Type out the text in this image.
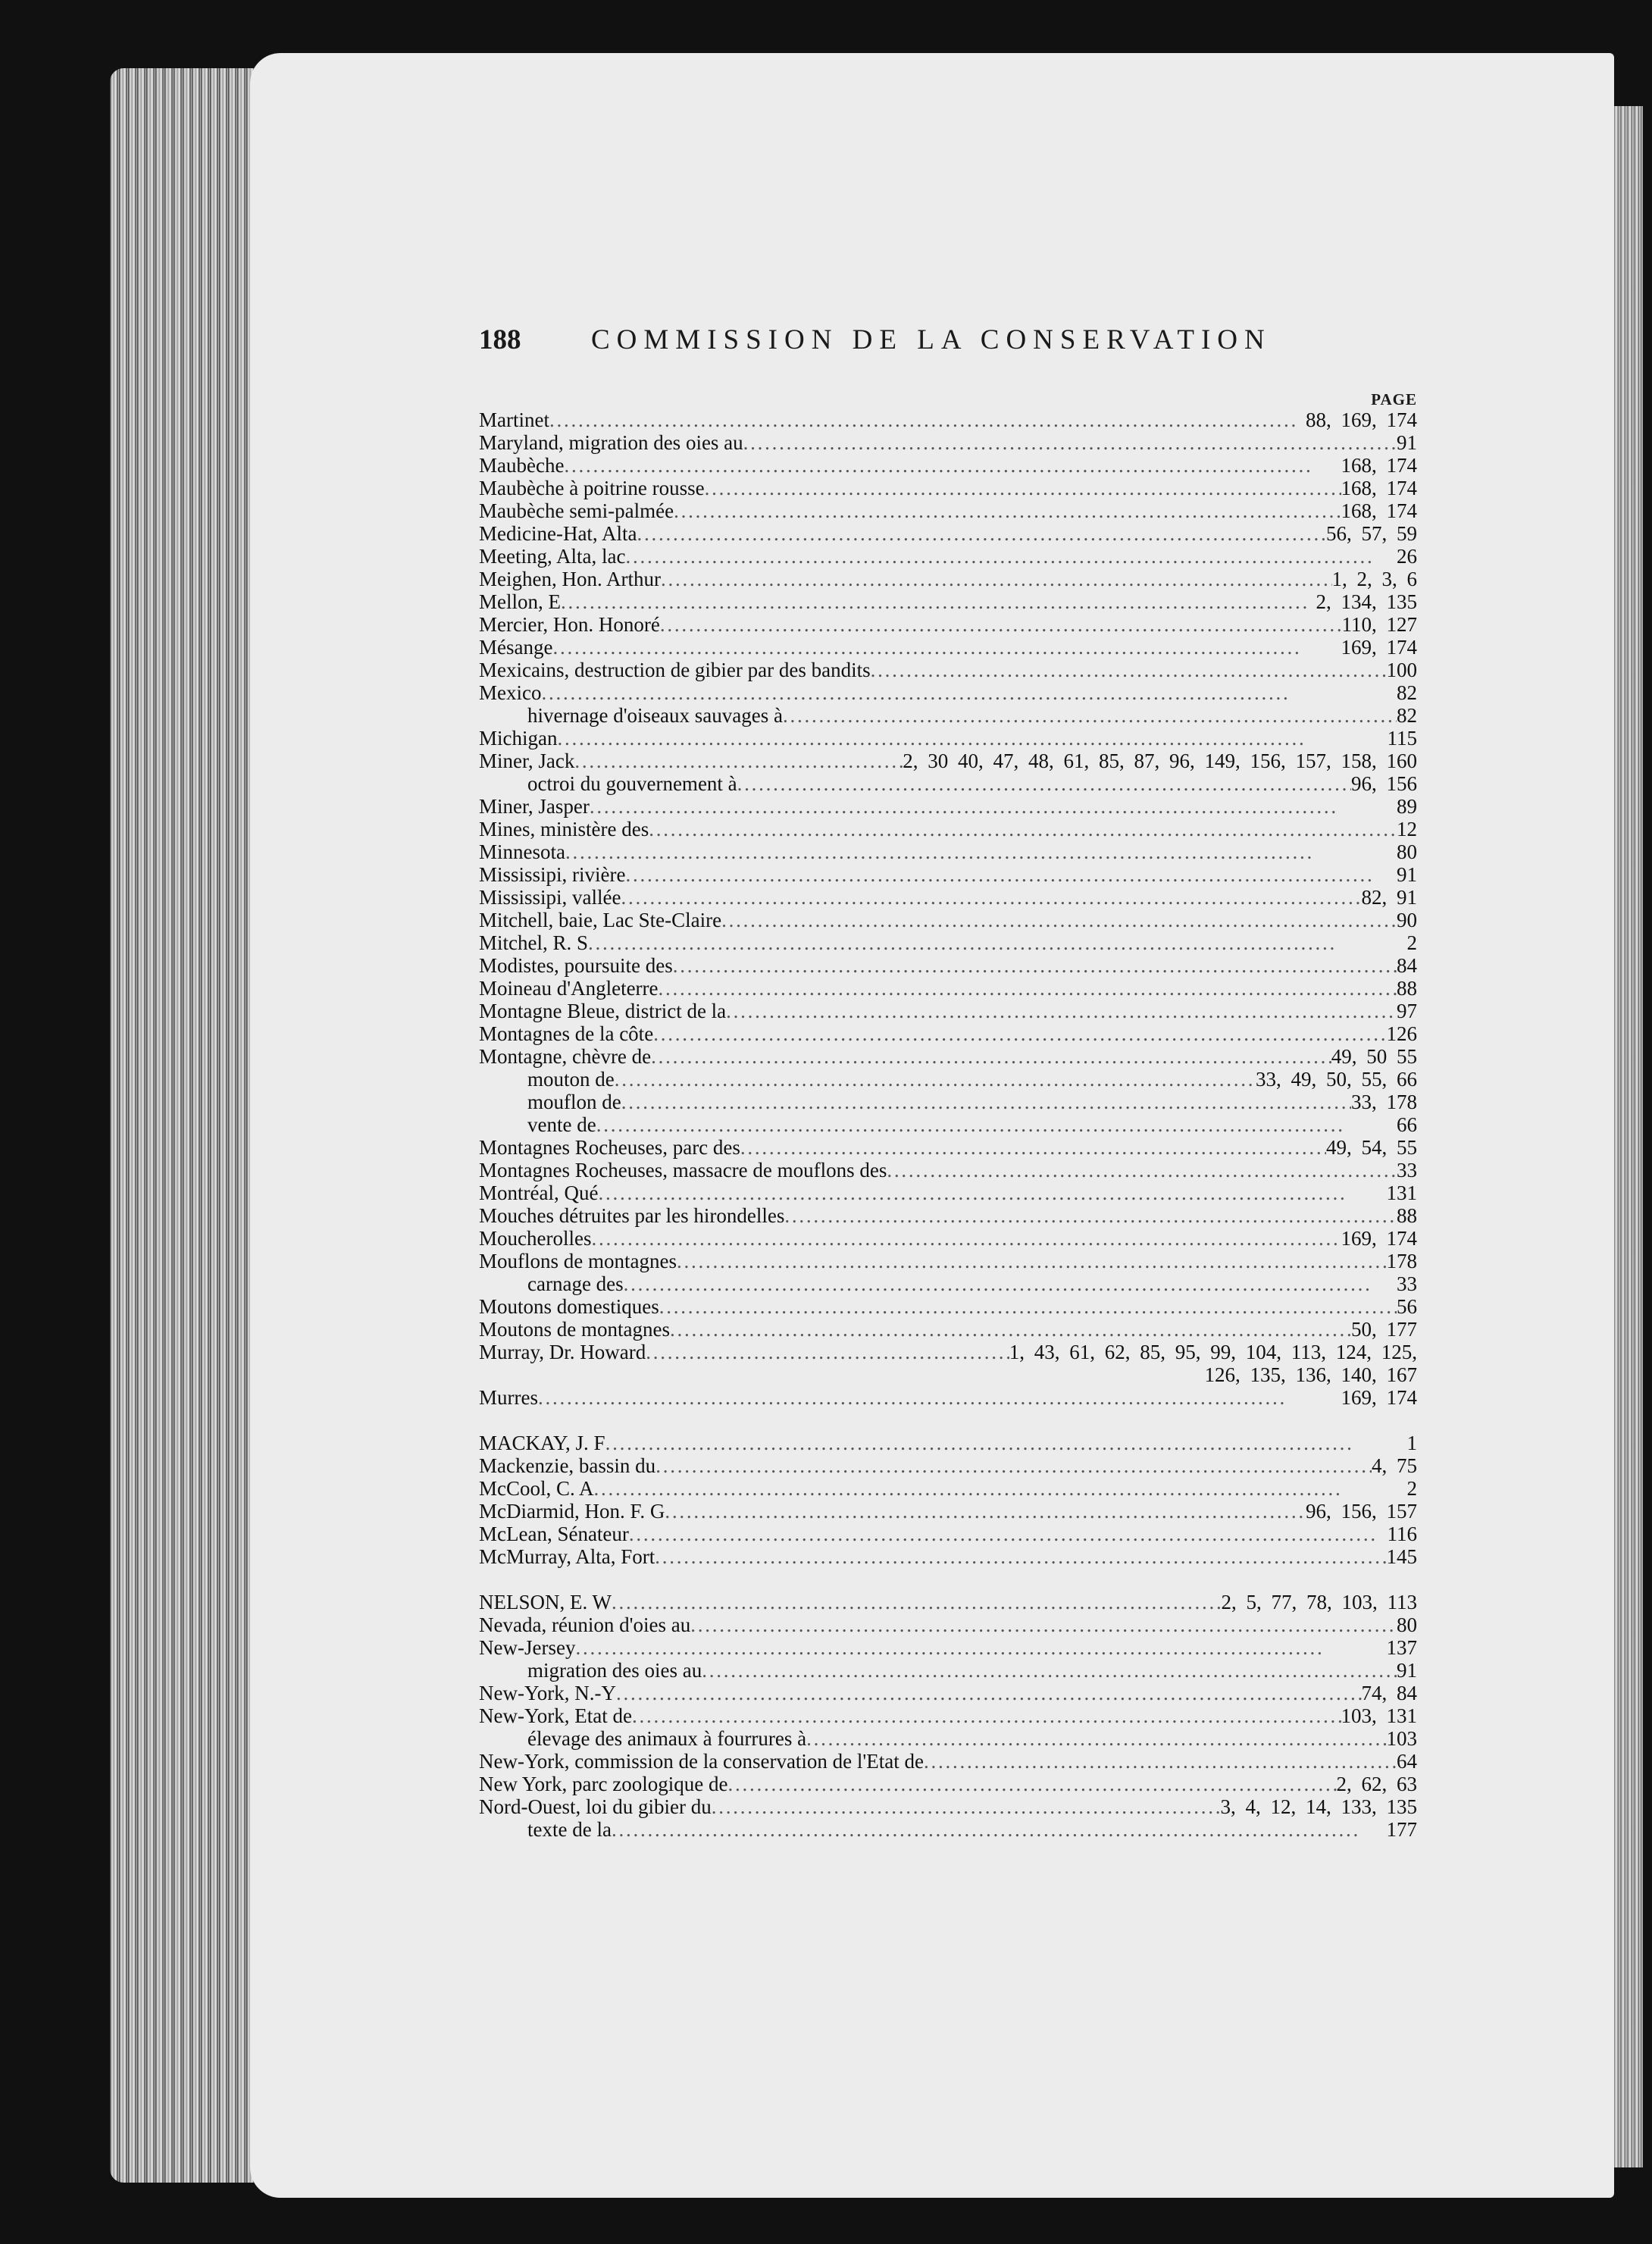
188	COMMISSION DE LA CONSERVATION
PAGE
Martinet . . .	88, 169, 174
Maryland, migration des oies au . . .	91
Maubèche . . .	168, 174
Maubèche à poitrine rousse . . .	168, 174
Maubèche semi-palmée . . .	168, 174
Medicine-Hat, Alta . . .	56, 57, 59
Meeting, Alta, lac . . .	26
Meighen, Hon. Arthur . . .	1, 2, 3, 6
Mellon, E . . .	2, 134, 135
Mercier, Hon. Honoré . . .	110, 127
Mésange . . .	169, 174
Mexicains, destruction de gibier par des bandits . . .	100
Mexico . . .	82
hivernage d'oiseaux sauvages à . . .	82
Michigan . . .	115
Miner, Jack . . .	2, 30 40, 47, 48, 61, 85, 87, 96, 149, 156, 157, 158, 160
octroi du gouvernement à . . .	96, 156
Miner, Jasper . . .	89
Mines, ministère des . . .	12
Minnesota . . .	80
Mississipi, rivière . . .	91
Mississipi, vallée . . .	82, 91
Mitchell, baie, Lac Ste-Claire . . .	90
Mitchel, R. S . . .	2
Modistes, poursuite des . . .	84
Moineau d'Angleterre . . .	88
Montagne Bleue, district de la . . .	97
Montagnes de la côte . . .	126
Montagne, chèvre de . . .	49, 50 55
mouton de . . .	33, 49, 50, 55, 66
mouflon de . . .	33, 178
vente de . . .	66
Montagnes Rocheuses, parc des . . .	49, 54, 55
Montagnes Rocheuses, massacre de mouflons des . . .	33
Montréal, Qué . . .	131
Mouches détruites par les hirondelles . . .	88
Moucherolles . . .	169, 174
Mouflons de montagnes . . .	178
carnage des . . .	33
Moutons domestiques . . .	56
Moutons de montagnes . . .	50, 177
Murray, Dr. Howard . . .	1, 43, 61, 62, 85, 95, 99, 104, 113, 124, 125,
126, 135, 136, 140, 167
Murres . . .	169, 174
MACKAY, J. F . . .	1
Mackenzie, bassin du . . .	4, 75
McCool, C. A . . .	2
McDiarmid, Hon. F. G . . .	96, 156, 157
McLean, Sénateur . . .	116
McMurray, Alta, Fort . . .	145
NELSON, E. W . . .	2, 5, 77, 78, 103, 113
Nevada, réunion d'oies au . . .	80
New-Jersey . . .	137
migration des oies au . . .	91
New-York, N.-Y . . .	74, 84
New-York, Etat de . . .	103, 131
élevage des animaux à fourrures à . . .	103
New-York, commission de la conservation de l'Etat de . . .	64
New York, parc zoologique de . . .	2, 62, 63
Nord-Ouest, loi du gibier du . . .	3, 4, 12, 14, 133, 135
texte de la . . .	177
